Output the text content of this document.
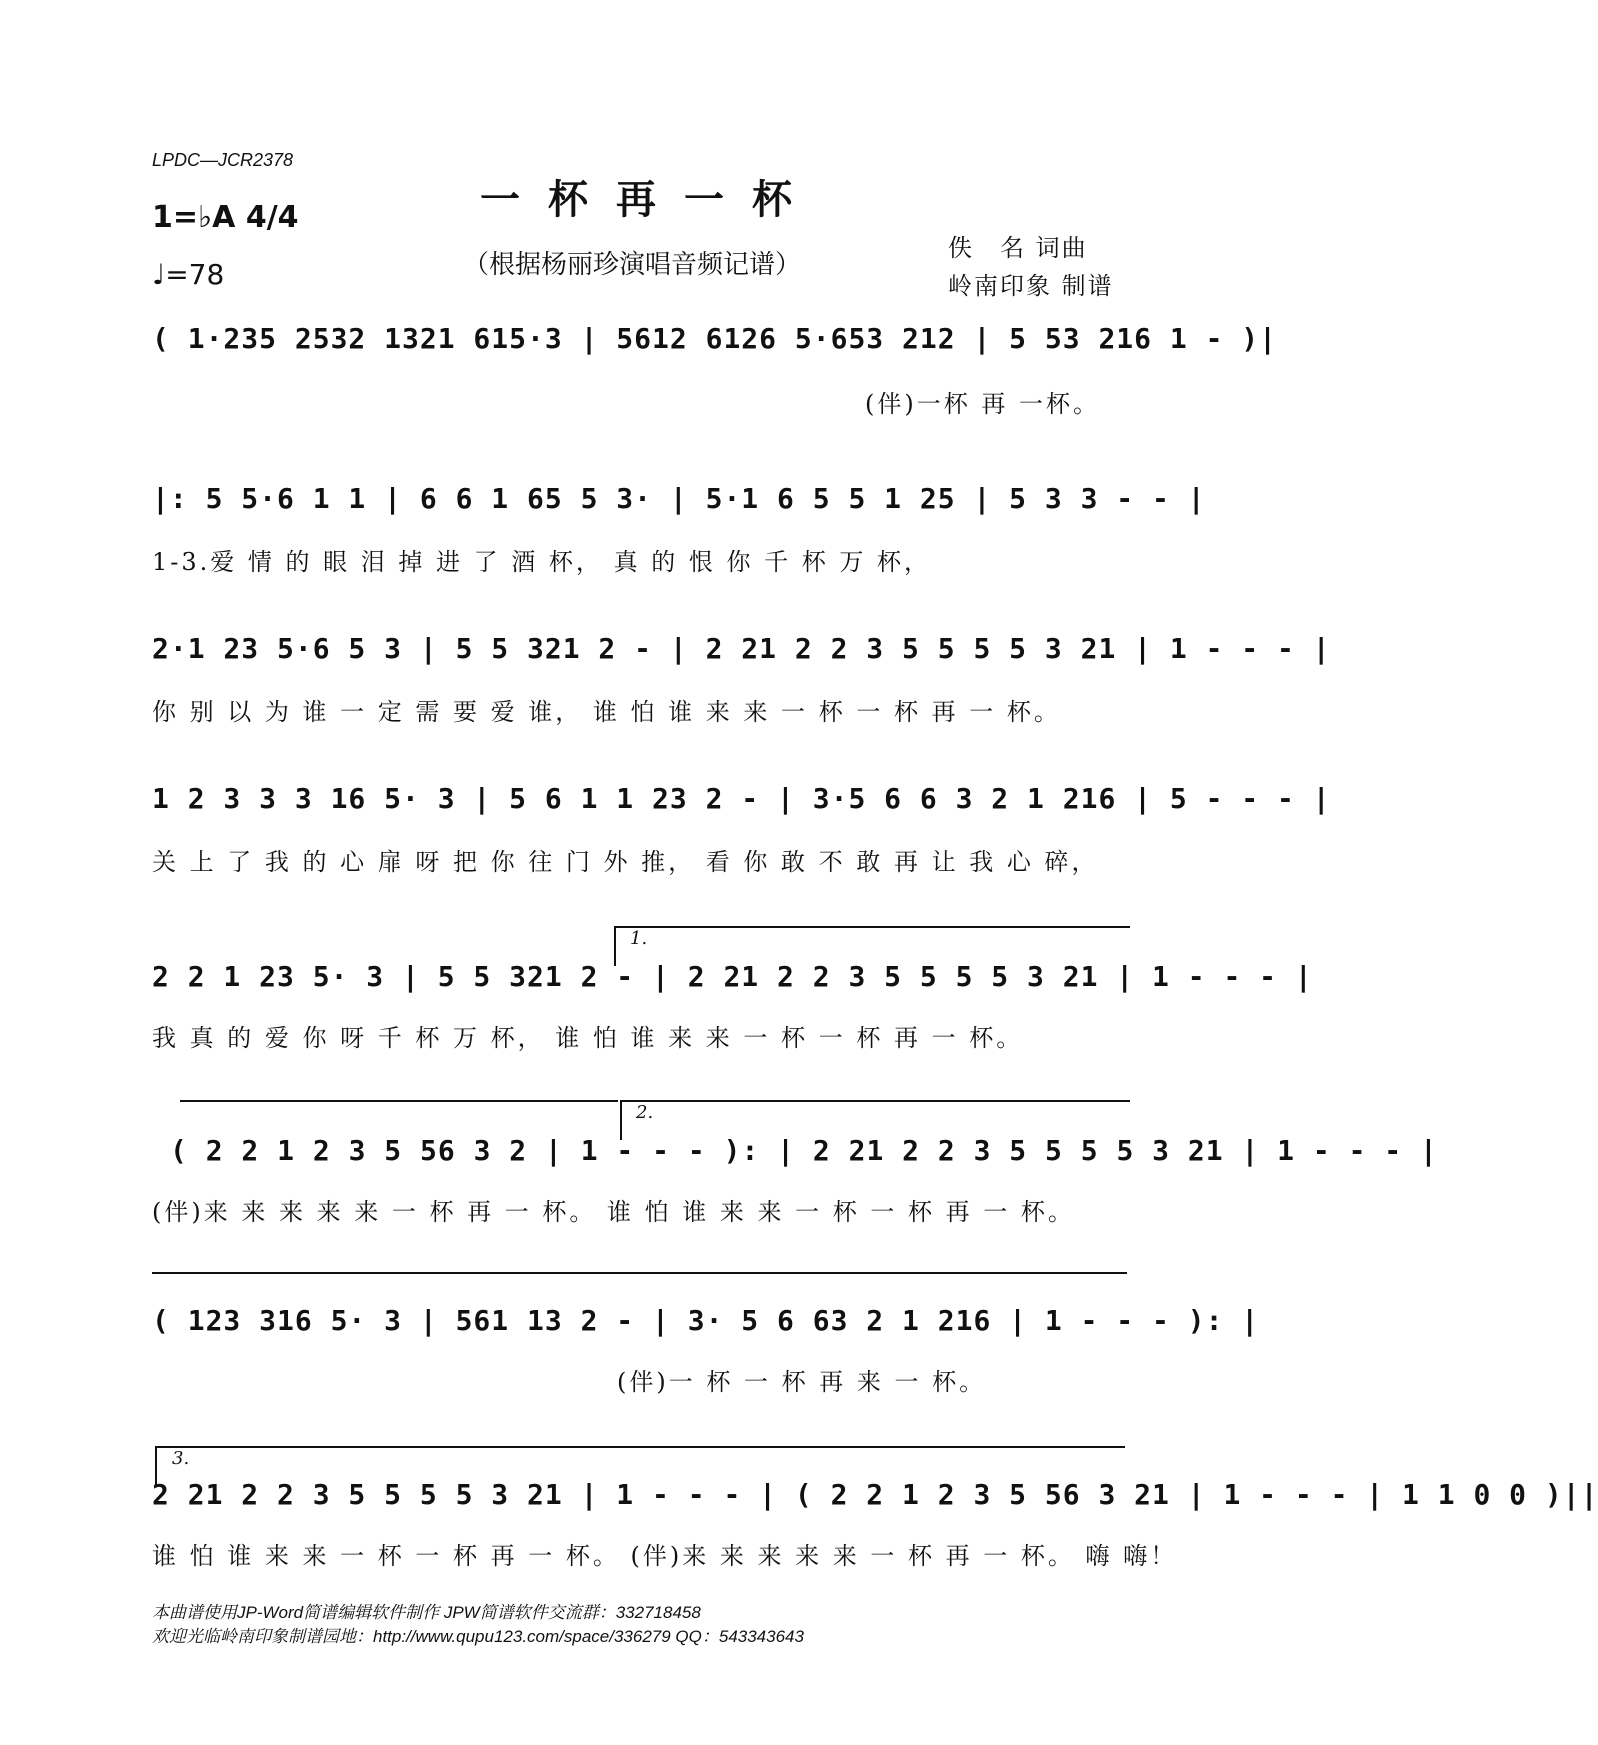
LPDC—JCR2378
一杯再一杯
（根据杨丽珍演唱音频记谱）
1=♭A 4/4
♩=78
佚　名 词曲
岭南印象 制谱
( 1·235 2532 1321 615·3 | 5612 6126 5·653 212 | 5 53 216 1 - )|
(伴)一杯 再 一杯。
|: 5 5·6 1 1 | 6 6 1 65 5 3· | 5·1 6 5 5 1 25 | 5 3 3 - - |
1-3.爱 情 的 眼 泪 掉 进 了 酒 杯， 真 的 恨 你 千 杯 万 杯，
2·1 23 5·6 5 3 | 5 5 321 2 - | 2 21 2 2 3 5 5 5 5 3 21 | 1 - - - |
你 别 以 为 谁 一 定 需 要 爱 谁， 谁 怕 谁 来 来 一 杯 一 杯 再 一 杯。
1 2 3 3 3 16 5· 3 | 5 6 1 1 23 2 - | 3·5 6 6 3 2 1 216 | 5 - - - |
关 上 了 我 的 心 扉 呀 把 你 往 门 外 推， 看 你 敢 不 敢 再 让 我 心 碎，
1.
2 2 1 23 5· 3 | 5 5 321 2 - | 2 21 2 2 3 5 5 5 5 3 21 | 1 - - - |
我 真 的 爱 你 呀 千 杯 万 杯， 谁 怕 谁 来 来 一 杯 一 杯 再 一 杯。
2.
( 2 2 1 2 3 5 56 3 2 | 1 - - - ): | 2 21 2 2 3 5 5 5 5 3 21 | 1 - - - |
(伴)来 来 来 来 来 一 杯 再 一 杯。 谁 怕 谁 来 来 一 杯 一 杯 再 一 杯。
( 123 316 5· 3 | 561 13 2 - | 3· 5 6 63 2 1 216 | 1 - - - ): |
(伴)一 杯 一 杯 再 来 一 杯。
3.
2 21 2 2 3 5 5 5 5 3 21 | 1 - - - | ( 2 2 1 2 3 5 56 3 21 | 1 - - - | 1 1 0 0 )||
谁 怕 谁 来 来 一 杯 一 杯 再 一 杯。 (伴)来 来 来 来 来 一 杯 再 一 杯。 嗨 嗨！
本曲谱使用JP-Word简谱编辑软件制作 JPW简谱软件交流群：332718458
欢迎光临岭南印象制谱园地：http://www.qupu123.com/space/336279 QQ：543343643
